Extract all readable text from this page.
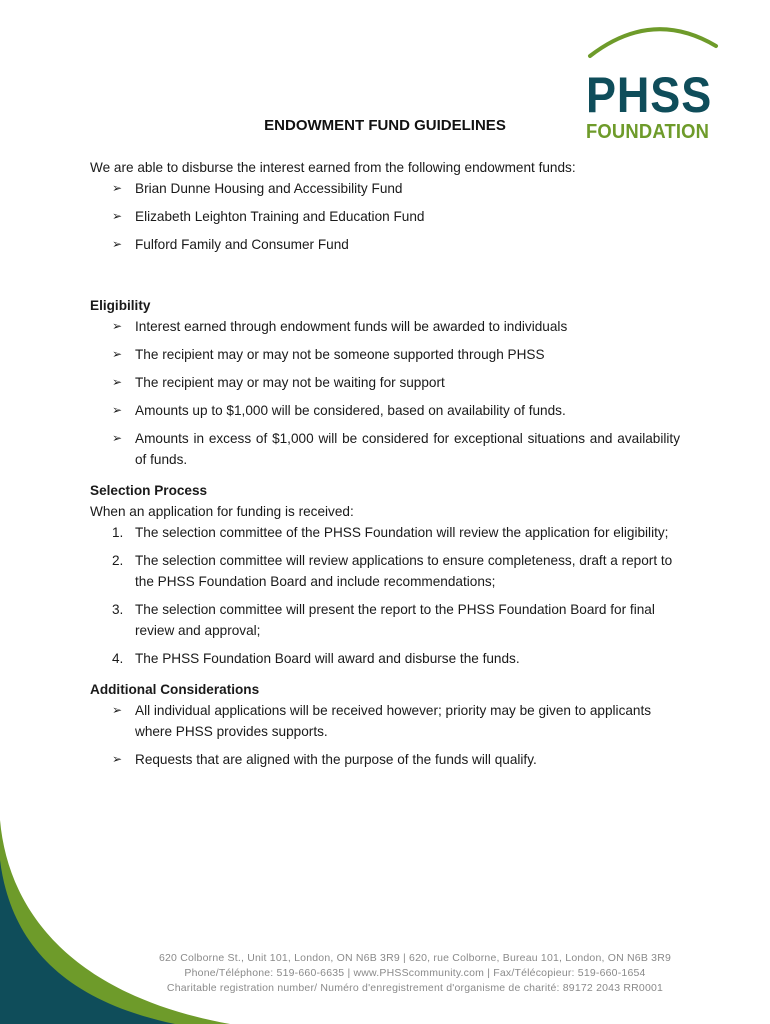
PHSS
FOUNDATION
ENDOWMENT FUND GUIDELINES

We are able to disburse the interest earned from the following endowment funds:

➢ Brian Dunne Housing and Accessibility Fund
➢ Elizabeth Leighton Training and Education Fund
➢ Fulford Family and Consumer Fund
Eligibility
➢ Interest earned through endowment funds will be awarded to individuals
➢ The recipient may or may not be someone supported through PHSS
➢ The recipient may or may not be waiting for support
➢ Amounts up to $1,000 will be considered, based on availability of funds.
➢ Amounts in excess of $1,000 will be considered for exceptional situations and availability of funds.
Selection Process

When an application for funding is received:

1. The selection committee of the PHSS Foundation will review the application for eligibility;
2. The selection committee will review applications to ensure completeness, draft a report to the PHSS Foundation Board and include recommendations;
3. The selection committee will present the report to the PHSS Foundation Board for final review and approval;
4. The PHSS Foundation Board will award and disburse the funds.
Additional Considerations
➢ All individual applications will be received however; priority may be given to applicants where PHSS provides supports.
➢ Requests that are aligned with the purpose of the funds will qualify.
620 Colborne St., Unit 101, London, ON N6B 3R9 | 620, rue Colborne, Bureau 101, London, ON N6B 3R9
Phone/Téléphone: 519-660-6635 | www.PHSScommunity.com | Fax/Télécopieur: 519-660-1654
Charitable registration number/ Numéro d'enregistrement d'organisme de charité: 89172 2043 RR0001
